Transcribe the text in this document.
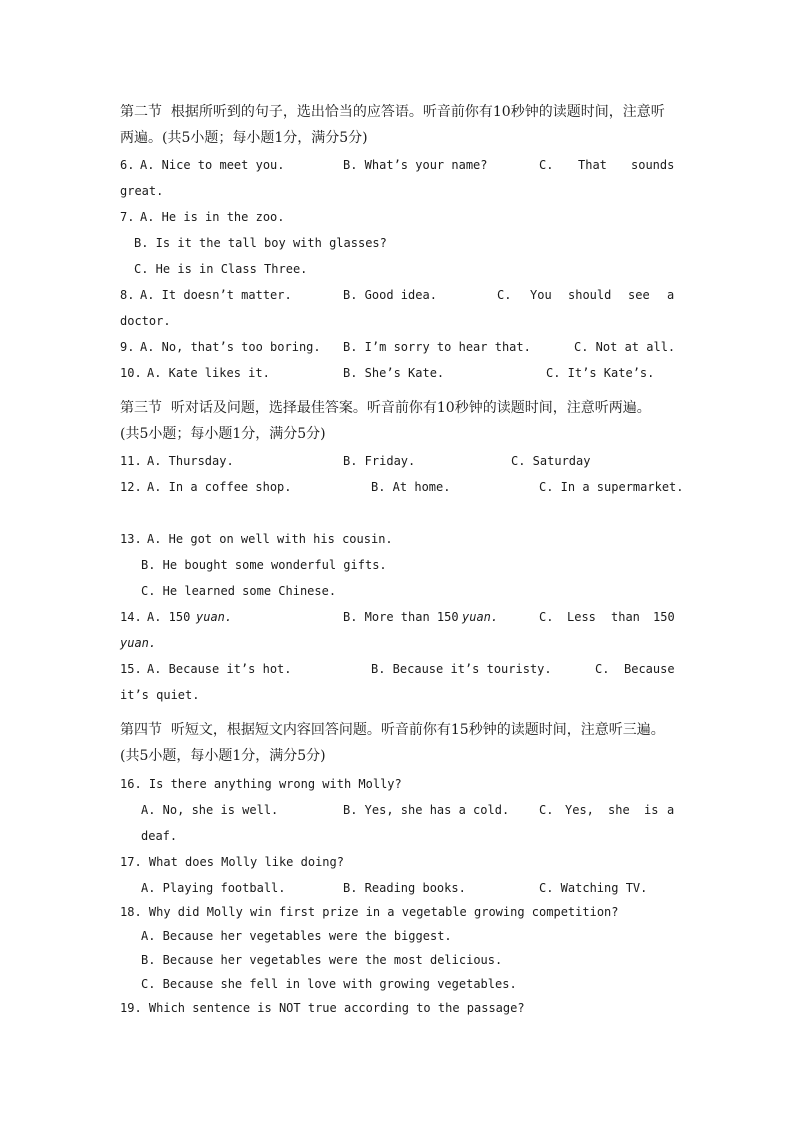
第二节  根据所听到的句子，选出恰当的应答语。听音前你有10秒钟的读题时间，注意听
两遍。(共5小题；每小题1分，满分5分)
6. A. Nice to meet you.	B. What’s your name?	C. That sounds
great.
7. A. He is in the zoo.
B. Is it the tall boy with glasses?
C. He is in Class Three.
8. A. It doesn’t matter.	B. Good idea.	C. You should see a
doctor.
9. A. No, that’s too boring. B. I’m sorry to hear that.	C. Not at all.
10. A. Kate likes it.	B. She’s Kate.	C. It’s Kate’s.
第三节  听对话及问题，选择最佳答案。听音前你有10秒钟的读题时间，注意听两遍。
(共5小题；每小题1分，满分5分)
11. A. Thursday.	B. Friday.	C. Saturday
12. A. In a coffee shop.	B. At home.	C. In a supermarket.
13. A. He got on well with his cousin.
B. He bought some wonderful gifts.
C. He learned some Chinese.
14. A. 150 yuan.	B. More than 150 yuan.	C. Less than 150
yuan.
15. A. Because it’s hot.	B. Because it’s touristy.	C. Because
it’s quiet.
第四节  听短文，根据短文内容回答问题。听音前你有15秒钟的读题时间，注意听三遍。
(共5小题，每小题1分，满分5分)
16. Is there anything wrong with Molly?
A. No, she is well.	B. Yes, she has a cold. C. Yes, she is a
deaf.
17. What does Molly like doing?
A. Playing football.	B. Reading books.	C. Watching TV.
18. Why did Molly win first prize in a vegetable growing competition?
A. Because her vegetables were the biggest.
B. Because her vegetables were the most delicious.
C. Because she fell in love with growing vegetables.
19. Which sentence is NOT true according to the passage?
